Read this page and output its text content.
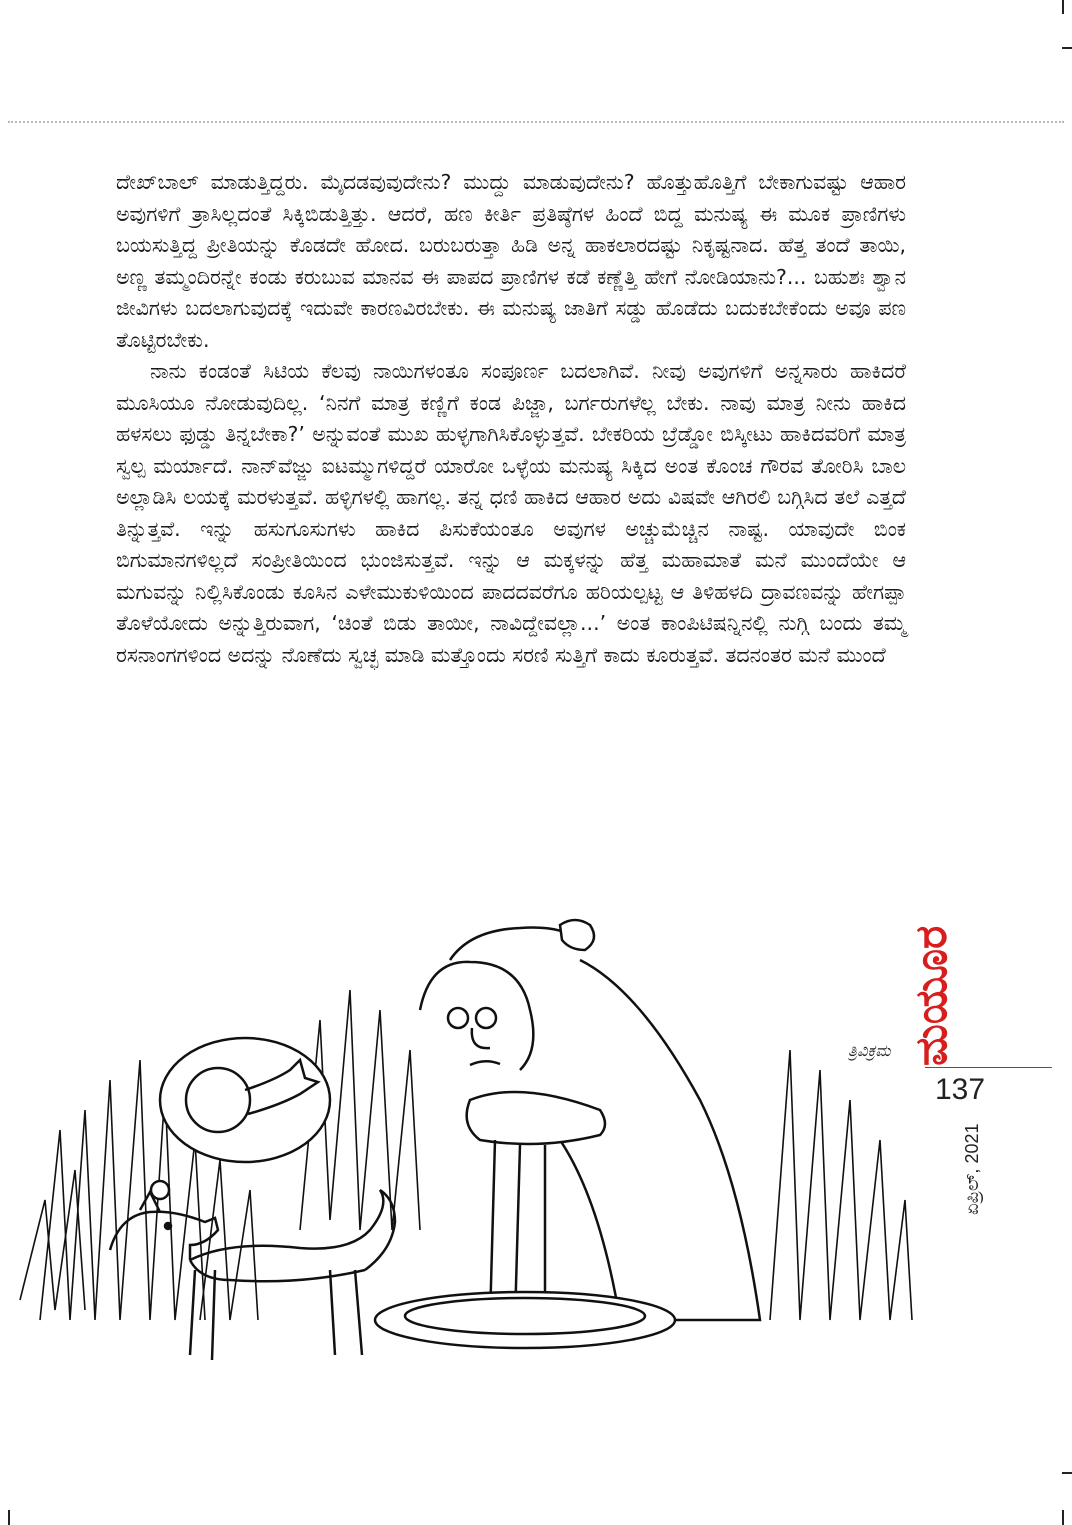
ದೇಖ್‌ಬಾಲ್ ಮಾಡುತ್ತಿದ್ದರು. ಮೈದಡವುವುದೇನು? ಮುದ್ದು ಮಾಡುವುದೇನು? ಹೊತ್ತುಹೊತ್ತಿಗೆ ಬೇಕಾಗುವಷ್ಟು ಆಹಾರ ಅವುಗಳಿಗೆ ತ್ರಾಸಿಲ್ಲದಂತೆ ಸಿಕ್ಕಿಬಿಡುತ್ತಿತ್ತು. ಆದರೆ, ಹಣ ಕೀರ್ತಿ ಪ್ರತಿಷ್ಠೆಗಳ ಹಿಂದೆ ಬಿದ್ದ ಮನುಷ್ಯ ಈ ಮೂಕ ಪ್ರಾಣಿಗಳು ಬಯಸುತ್ತಿದ್ದ ಪ್ರೀತಿಯನ್ನು ಕೊಡದೇ ಹೋದ. ಬರುಬರುತ್ತಾ ಹಿಡಿ ಅನ್ನ ಹಾಕಲಾರದಷ್ಟು ನಿಕೃಷ್ಟನಾದ. ಹೆತ್ತ ತಂದೆ ತಾಯಿ, ಅಣ್ಣ ತಮ್ಮಂದಿರನ್ನೇ ಕಂಡು ಕರುಬುವ ಮಾನವ ಈ ಪಾಪದ ಪ್ರಾಣಿಗಳ ಕಡೆ ಕಣ್ಣೆತ್ತಿ ಹೇಗೆ ನೋಡಿಯಾನು?... ಬಹುಶಃ ಶ್ವಾನ ಜೀವಿಗಳು ಬದಲಾಗುವುದಕ್ಕೆ ಇದುವೇ ಕಾರಣವಿರಬೇಕು. ಈ ಮನುಷ್ಯ ಜಾತಿಗೆ ಸಡ್ಡು ಹೊಡೆದು ಬದುಕಬೇಕೆಂದು ಅವೂ ಪಣ ತೊಟ್ಟಿರಬೇಕು.

ನಾನು ಕಂಡಂತೆ ಸಿಟಿಯ ಕೆಲವು ನಾಯಿಗಳಂತೂ ಸಂಪೂರ್ಣ ಬದಲಾಗಿವೆ. ನೀವು ಅವುಗಳಿಗೆ ಅನ್ನಸಾರು ಹಾಕಿದರೆ ಮೂಸಿಯೂ ನೋಡುವುದಿಲ್ಲ. ‘ನಿನಗೆ ಮಾತ್ರ ಕಣ್ಣಿಗೆ ಕಂಡ ಪಿಜ್ಜಾ, ಬರ್ಗರುಗಳೆಲ್ಲ ಬೇಕು. ನಾವು ಮಾತ್ರ ನೀನು ಹಾಕಿದ ಹಳಸಲು ಫುಡ್ಡು ತಿನ್ನಬೇಕಾ?’ ಅನ್ನುವಂತೆ ಮುಖ ಹುಳ್ಳಗಾಗಿಸಿಕೊಳ್ಳುತ್ತವೆ. ಬೇಕರಿಯ ಬ್ರೆಡ್ಡೋ ಬಿಸ್ಕೀಟು ಹಾಕಿದವರಿಗೆ ಮಾತ್ರ ಸ್ವಲ್ಪ ಮರ್ಯಾದೆ. ನಾನ್‌ವೆಜ್ಜು ಐಟಮ್ಮುಗಳಿದ್ದರೆ ಯಾರೋ ಒಳ್ಳೆಯ ಮನುಷ್ಯ ಸಿಕ್ಕಿದ ಅಂತ ಕೊಂಚ ಗೌರವ ತೋರಿಸಿ ಬಾಲ ಅಲ್ಲಾಡಿಸಿ ಲಯಕ್ಕೆ ಮರಳುತ್ತವೆ. ಹಳ್ಳಿಗಳಲ್ಲಿ ಹಾಗಲ್ಲ. ತನ್ನ ಧಣಿ ಹಾಕಿದ ಆಹಾರ ಅದು ವಿಷವೇ ಆಗಿರಲಿ ಬಗ್ಗಿಸಿದ ತಲೆ ಎತ್ತದೆ ತಿನ್ನುತ್ತವೆ. ಇನ್ನು ಹಸುಗೂಸುಗಳು ಹಾಕಿದ ಪಿಸುಕೆಯಂತೂ ಅವುಗಳ ಅಚ್ಚುಮೆಚ್ಚಿನ ನಾಷ್ಟ. ಯಾವುದೇ ಬಿಂಕ ಬಿಗುಮಾನಗಳಿಲ್ಲದೆ ಸಂಪ್ರೀತಿಯಿಂದ ಭುಂಜಿಸುತ್ತವೆ. ಇನ್ನು ಆ ಮಕ್ಕಳನ್ನು ಹೆತ್ತ ಮಹಾಮಾತೆ ಮನೆ ಮುಂದೆಯೇ ಆ ಮಗುವನ್ನು ನಿಲ್ಲಿಸಿಕೊಂಡು ಕೂಸಿನ ಎಳೇಮುಕುಳಿಯಿಂದ ಪಾದದವರೆಗೂ ಹರಿಯಲ್ಪಟ್ಟ ಆ ತಿಳಿಹಳದಿ ದ್ರಾವಣವನ್ನು ಹೇಗಪ್ಪಾ ತೊಳೆಯೋದು ಅನ್ನುತ್ತಿರುವಾಗ, ‘ಚಿಂತೆ ಬಿಡು ತಾಯೀ, ನಾವಿದ್ದೇವಲ್ಲಾ...’ ಅಂತ ಕಾಂಪಿಟಿಷನ್ನಿನಲ್ಲಿ ನುಗ್ಗಿ ಬಂದು ತಮ್ಮ ರಸನಾಂಗಗಳಿಂದ ಅದನ್ನು ನೊಣೆದು ಸ್ವಚ್ಛ ಮಾಡಿ ಮತ್ತೊಂದು ಸರಣಿ ಸುತ್ತಿಗೆ ಕಾದು ಕೂರುತ್ತವೆ. ತದನಂತರ ಮನೆ ಮುಂದೆ

ತ್ರಿವಿಕ್ರಮ ಮಯೂರ
ಏಪ್ರಿಲ್, 2021
137
